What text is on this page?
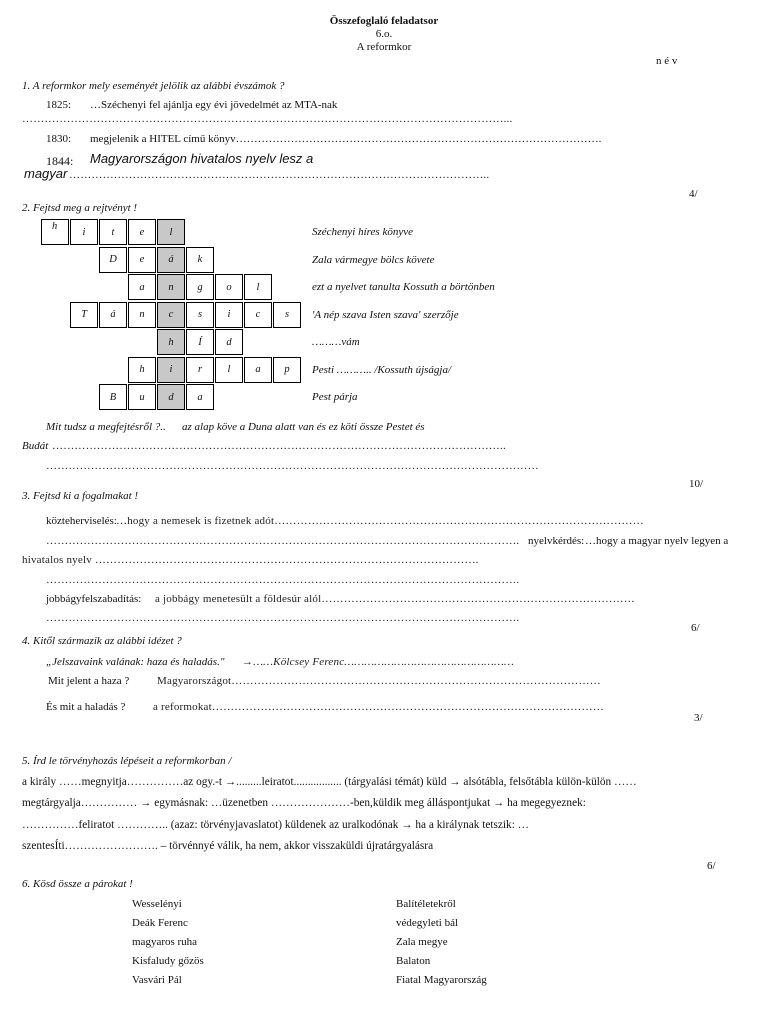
Összefoglaló feladatsor
6.o.
A reformkor
n é v
1. A reformkor mely eseményét jelölik az alábbi évszámok ?
1825: …Széchenyi fel ajánlja egy évi jövedelmét az MTA-nak
…………………………………………………………………………………………………………………...
1830: megjelenik a HITEL című könyv……………………………………………………………………………………….
1844: Magyarországon hivatalos nyelv lesz a
magyar …………………………………………………………………………………………………..
4/
2. Fejtsd meg a rejtvényt !
h	i	t	e	l
D	e	á	k
a	n	g	o	l
T	á	n	c	s	i	c	s
h	Í	d
h	i	r	l	a	p
B	u	d	a
Széchenyi híres könyve
Zala vármegye bölcs követe
ezt a nyelvet tanulta Kossuth a börtönben
'A nép szava Isten szava' szerzője
………vám
Pesti ……….. /Kossuth újságja/
Pest párja
Mit tudsz a megfejtésről ?.. az alap köve a Duna alatt van és ez köti össze Pestet és
Budát …………………………………………………………………………………………………………..
……………………………………………………………………………………………………………………
10/
3. Fejtsd ki a fogalmakat !
közteherviselés: …hogy a nemesek is fizetnek adót………………………………………………………………………………………
………………………………………………………………………………………………………………. nyelvkérdés: …hogy a magyar nyelv legyen a
hivatalos nyelv ………………………………………………………………………………………….
……………………………………………………………………………………………………………….
jobbágyfelszabadítás: a jobbágy menetesült a földesúr alól…………………………………………………………………………
……………………………………………………………………………………………………………….
6/
4. Kitől származik az alábbi idézet ?
„Jelszavaink valának: haza és haladás." →……Kölcsey Ferenc……………………………………………
Mit jelent a haza ?	Magyarországot………………………………………………………………………………………
És mit a haladás ?	a reformokat……………………………………………………………………………………………
3/
5. Írd le törvényhozás lépéseit a reformkorban /
a király ……megnyitja……………az ogy.-t →.........leiratot................. (tárgyalási témát) küld → alsótábla, felsőtábla külön-külön ……
megtárgyalja…………… → egymásnak: …üzenetben …………………-ben,küldik meg álláspontjukat → ha megegyeznek:
……………feliratot ………….. (azaz: törvényjavaslatot) küldenek az uralkodónak → ha a királynak tetszik: …
szentesÍti……………………. – törvénnyé válik, ha nem, akkor visszaküldi újratárgyalásra
6/
6. Kösd össze a párokat !
Wesselényi
Deák Ferenc
magyaros ruha
Kisfaludy gőzös
Vasvári Pál
Balítéletekről
védegyleti bál
Zala megye
Balaton
Fiatal Magyarország
